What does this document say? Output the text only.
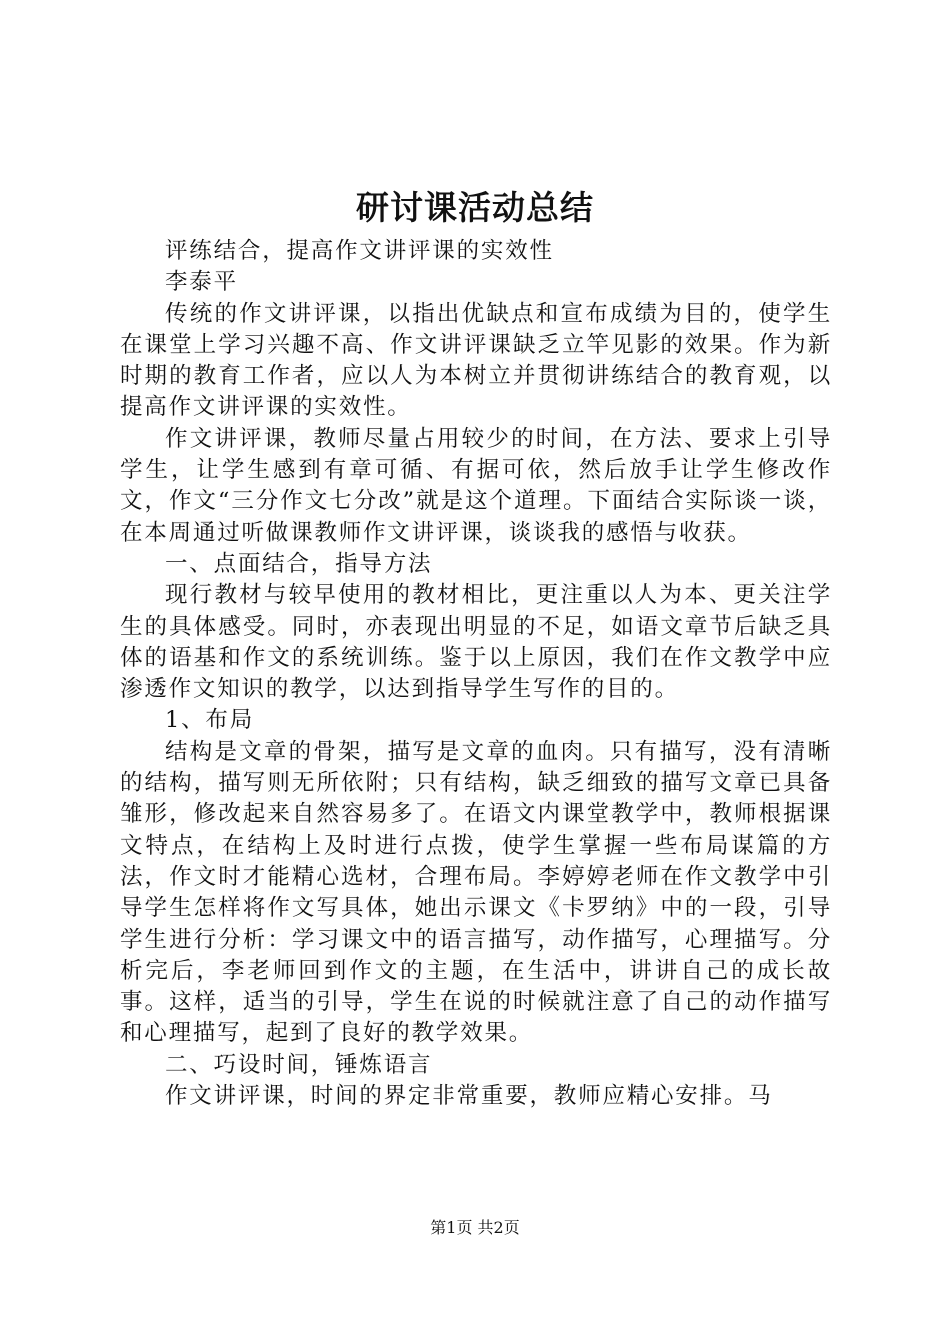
研讨课活动总结

评练结合，提高作文讲评课的实效性

李泰平

传统的作文讲评课，以指出优缺点和宣布成绩为目的，使学生在课堂上学习兴趣不高、作文讲评课缺乏立竿见影的效果。作为新时期的教育工作者，应以人为本树立并贯彻讲练结合的教育观，以提高作文讲评课的实效性。

作文讲评课，教师尽量占用较少的时间，在方法、要求上引导学生，让学生感到有章可循、有据可依，然后放手让学生修改作文，作文“三分作文七分改”就是这个道理。下面结合实际谈一谈，在本周通过听做课教师作文讲评课，谈谈我的感悟与收获。

一、点面结合，指导方法

现行教材与较早使用的教材相比，更注重以人为本、更关注学生的具体感受。同时，亦表现出明显的不足，如语文章节后缺乏具体的语基和作文的系统训练。鉴于以上原因，我们在作文教学中应渗透作文知识的教学，以达到指导学生写作的目的。

1、布局

结构是文章的骨架，描写是文章的血肉。只有描写，没有清晰的结构，描写则无所依附；只有结构，缺乏细致的描写文章已具备雏形，修改起来自然容易多了。在语文内课堂教学中，教师根据课文特点，在结构上及时进行点拨，使学生掌握一些布局谋篇的方法，作文时才能精心选材，合理布局。李婷婷老师在作文教学中引导学生怎样将作文写具体，她出示课文《卡罗纳》中的一段，引导学生进行分析：学习课文中的语言描写，动作描写，心理描写。分析完后，李老师回到作文的主题，在生活中，讲讲自己的成长故事。这样，适当的引导，学生在说的时候就注意了自己的动作描写和心理描写，起到了良好的教学效果。

二、巧设时间，锤炼语言

作文讲评课，时间的界定非常重要，教师应精心安排。马

第1页 共2页
